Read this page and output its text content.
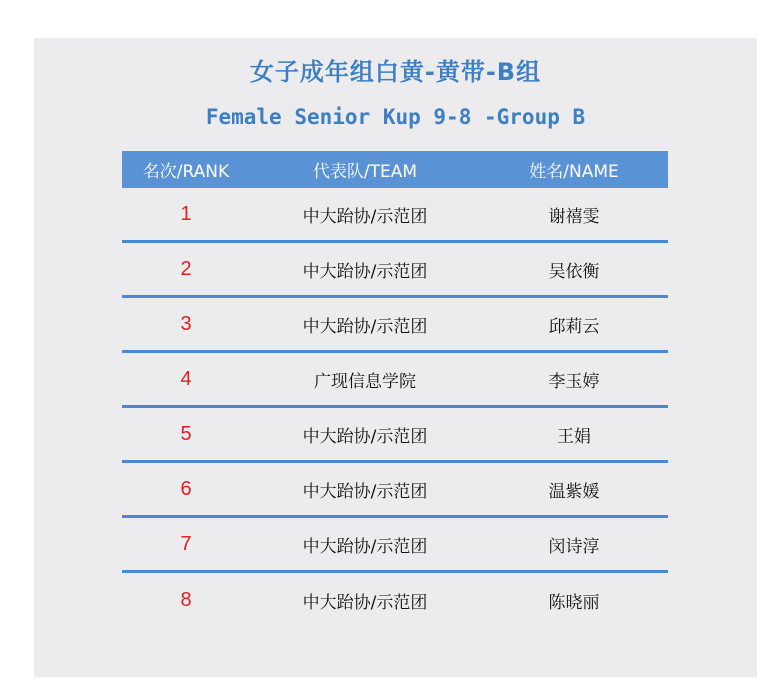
女子成年组白黄-黄带-B组
Female Senior Kup 9-8 -Group B
名次/RANK	代表队/TEAM	姓名/NAME
1	中大跆协/示范团	谢禧雯
2	中大跆协/示范团	吴依衡
3	中大跆协/示范团	邱莉云
4	广现信息学院	李玉婷
5	中大跆协/示范团	王娟
6	中大跆协/示范团	温紫媛
7	中大跆协/示范团	闵诗淳
8	中大跆协/示范团	陈晓丽
